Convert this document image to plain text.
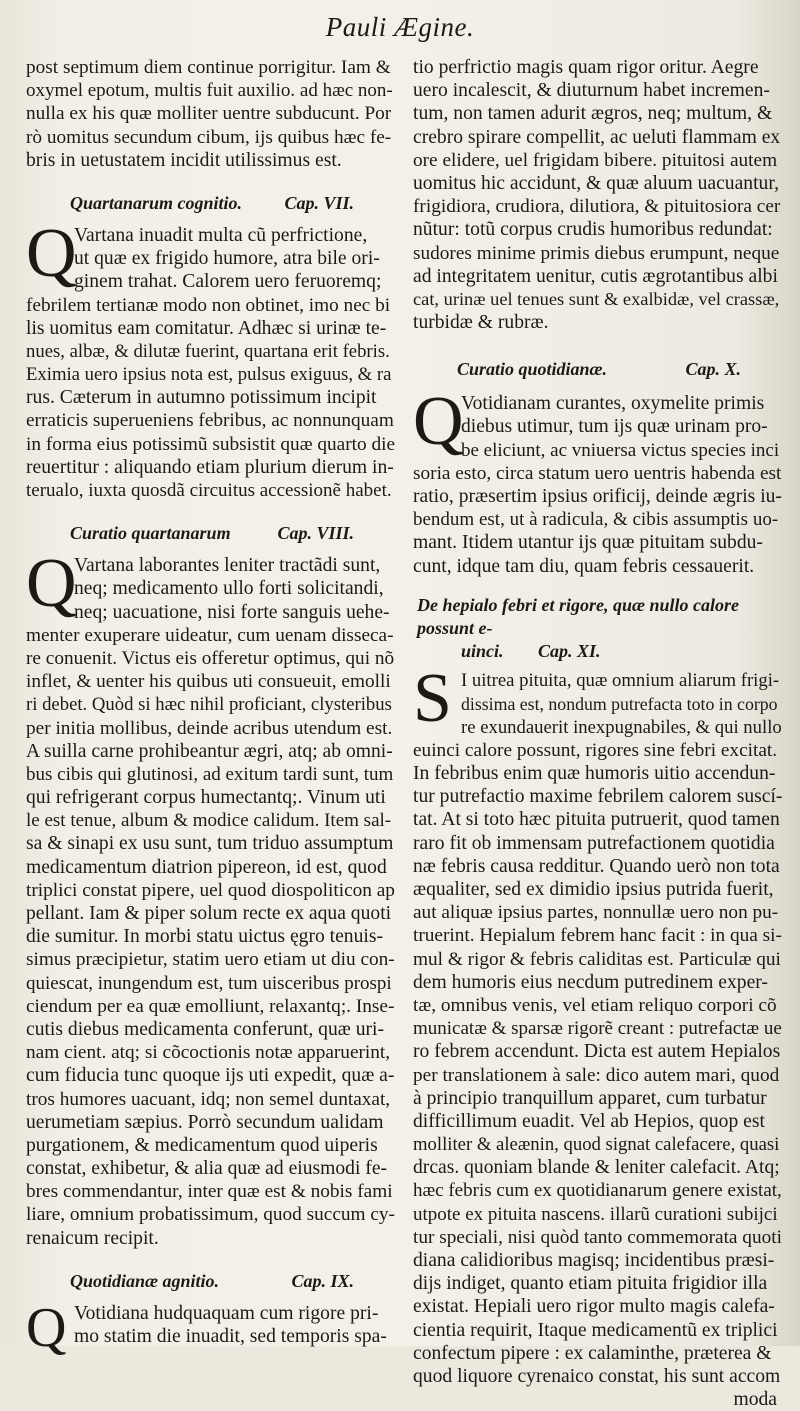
Pauli Ægine.
post septimum diem continue porrigitur. Iam &
oxymel epotum, multis fuit auxilio. ad hæc non-
nulla ex his quæ molliter uentre subducunt. Por
rò uomitus secundum cibum, ijs quibus hæc fe-
bris in uetustatem incidit utilissimus est.
Quartanarum cognitio. Cap. VII.
Q
Vartana inuadit multa cũ perfrictione,
ut quæ ex frigido humore, atra bile ori-
ginem trahat. Calorem uero feruoremq;
febrilem tertianæ modo non obtinet, imo nec bi
lis uomitus eam comitatur. Adhæc si urinæ te-
nues, albæ, & dilutæ fuerint, quartana erit febris.
Eximia uero ipsius nota est, pulsus exiguus, & ra
rus. Cæterum in autumno potissimum incipit
erraticis superueniens febribus, ac nonnunquam
in forma eius potissimũ subsistit quæ quarto die
reuertitur : aliquando etiam plurium dierum in-
terualo, iuxta quosdã circuitus accessionẽ habet.
Curatio quartanarum	Cap. VIII.
Q
Vartana laborantes leniter tractãdi sunt,
neq; medicamento ullo forti solicitandi,
neq; uacuatione, nisi forte sanguis uehe-
menter exuperare uideatur, cum uenam dissecа-
re conuenit. Victus eis offeretur optimus, qui nõ
inflet, & uenter his quibus uti consueuit, emolli
ri debet. Quòd si hæc nihil proficiant, clysteribus
per initia mollibus, deinde acribus utendum est.
A suilla carne prohibeantur ægri, atq; ab omni-
bus cibis qui glutinosi, ad exitum tardi sunt, tum
qui refrigerant corpus humectantq;. Vinum uti
le est tenue, album & modice calidum. Item sal-
sa & sinapi ex usu sunt, tum triduo assumptum
medicamentum diatrion pipereon, id est, quod
triplici constat pipere, uel quod diospoliticon ap
pellant. Iam & piper solum recte ex aqua quoti
die sumitur. In morbi statu uictus ęgro tenuis-
simus præcipietur, statim uero etiam ut diu con-
quiescat, inungendum est, tum uisceribus prospi
ciendum per ea quæ emolliunt, relaxantq;. Inse-
cutis diebus medicamenta conferunt, quæ uri-
nam cient. atq; si cõcoctionis notæ apparuerint,
cum fiducia tunc quoque ijs uti expedit, quæ a-
tros humores uacuant, idq; non semel duntaxat,
uerumetiam sæpius. Porrò secundum ualidam
purgationem, & medicamentum quod uiperis
constat, exhibetur, & alia quæ ad eiusmodi fe-
bres commendantur, inter quæ est & nobis fami
liare, omnium probatissimum, quod succum cy-
renaicum recipit.
Quotidianæ agnitio.	Cap. IX.
Q Votidiana hudquaquam cum rigore pri-
mo statim die inuadit, sed temporis spa-
tio perfrictio magis quam rigor oritur. Aegre
uero incalescit, & diuturnum habet incremen-
tum, non tamen adurit ægros, neq; multum, &
crebro spirare compellit, ac ueluti flammam ex
ore elidere, uel frigidam bibere. pituitosi autem
uomitus hic accidunt, & quæ aluum uacuantur,
frigidiora, crudiora, dilutiora, & pituitosiora cer
nũtur: totũ corpus crudis humoribus redundat:
sudores minime primis diebus erumpunt, neque
ad integritatem uenitur, cutis ægrotantibus albi
cat, urinæ uel tenues sunt & exalbidæ, vel crassæ,
turbidæ & rubræ.
Curatio quotidianæ.	Cap. X.
Q
Votidianam curantes, oxymelite primis
diebus utimur, tum ijs quæ urinam pro-
be eliciunt, ac vniuersa victus species inci
soria esto, circa statum uero uentris habenda est
ratio, præsertim ipsius orificij, deinde ægris iu-
bendum est, ut à radicula, & cibis assumptis uo-
mant. Itidem utantur ijs quæ pituitam subdu-
cunt, idque tam diu, quam febris cessauerit.
De hepialo febri et rigore, quæ nullo calore possunt e-
uinci. Cap. XI.
S I uitrea pituita, quæ omnium aliarum frigi-
dissima est, nondum putrefacta toto in corpo
re exundauerit inexpugnabiles, & qui nullo
euinci calore possunt, rigores sine febri excitat.
In febribus enim quæ humoris uitio accendun-
tur putrefactio maxime febrilem calorem suscí-
tat. At si toto hæc pituita putruerit, quod tamen
raro fit ob immensam putrefactionem quotidia
næ febris causa redditur. Quando uerò non tota
æqualiter, sed ex dimidio ipsius putrida fuerit,
aut aliquæ ipsius partes, nonnullæ uero non pu-
truerint. Hepialum febrem hanc facit : in qua si-
mul & rigor & febris caliditas est. Particulæ qui
dem humoris eius necdum putredinem exper-
tæ, omnibus venis, vel etiam reliquo corpori cõ
municatæ & sparsæ rigorẽ creant : putrefactæ ue
ro febrem accendunt. Dicta est autem Hepialos
per translationem à sale: dico autem mari, quod
à principio tranquillum apparet, cum turbatur
difficillimum euadit. Vel ab Hepios, quop est
molliter & aleænin, quod signat calefacere, quasi
drcas. quoniam blande & leniter calefacit. Atq;
hæc febris cum ex quotidianarum genere existat,
utpote ex pituita nascens. illarũ curationi subijci
tur speciali, nisi quòd tanto commemorata quoti
diana calidioribus magisq; incidentibus præsi-
dijs indiget, quanto etiam pituita frigidior illa
existat. Hepiali uero rigor multo magis calefa-
cientia requirit, Itaque medicamentũ ex triplici
confectum pipere : ex calaminthe, præterea &
quod liquore cyrenaico constat, his sunt accom
moda
